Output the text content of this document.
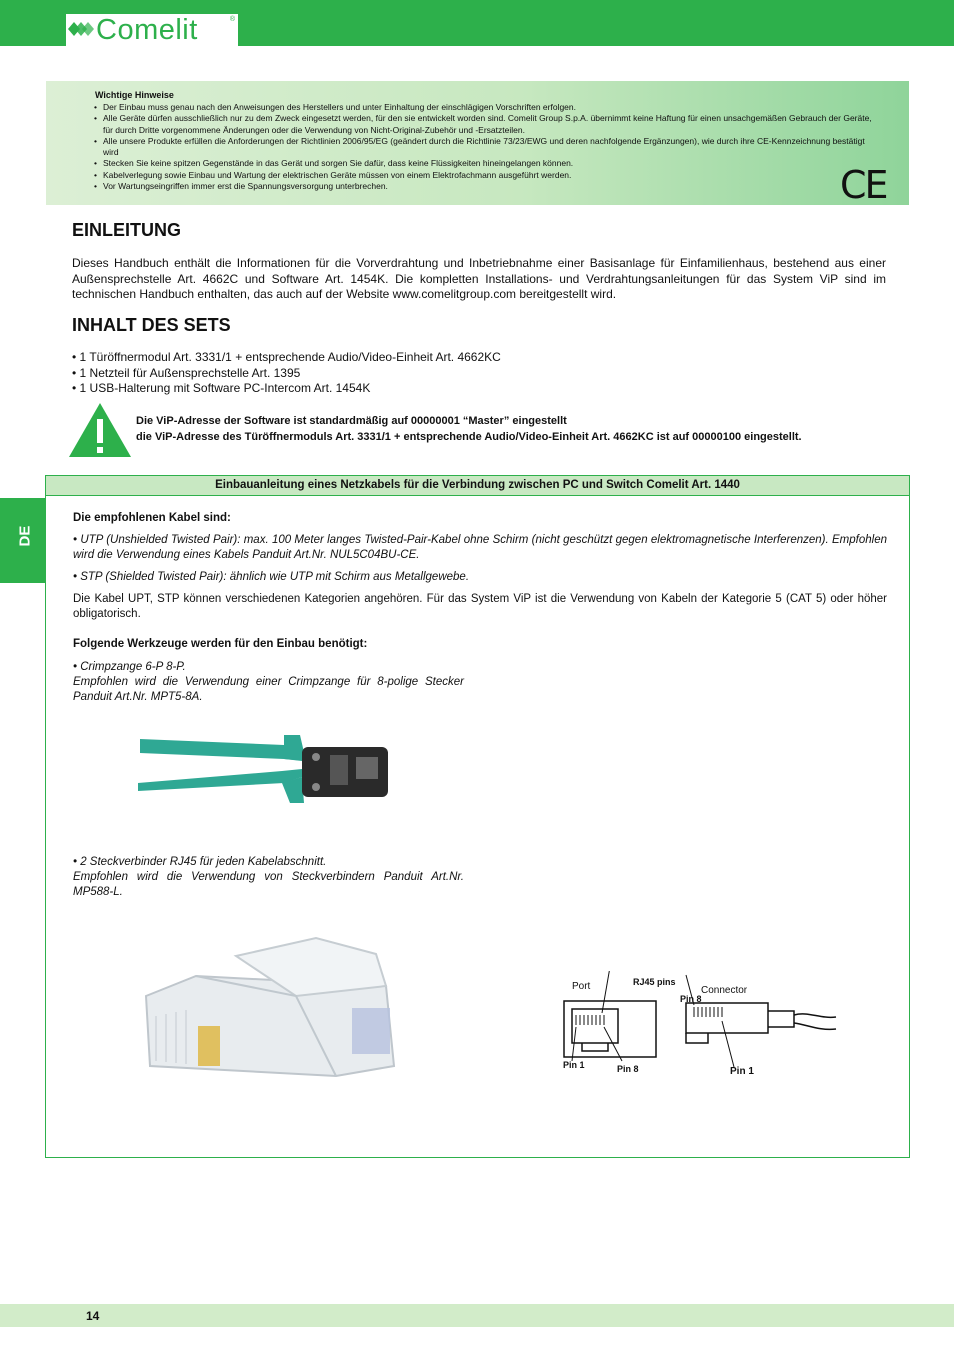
Comelit	®
Wichtige Hinweise
• Der Einbau muss genau nach den Anweisungen des Herstellers und unter Einhaltung der einschlägigen Vorschriften erfolgen.
• Alle Geräte dürfen ausschließlich nur zu dem Zweck eingesetzt werden, für den sie entwickelt worden sind. Comelit Group S.p.A. übernimmt keine Haftung für einen unsachgemäßen Gebrauch der Geräte, für durch Dritte vorgenommene Änderungen oder die Verwendung von Nicht-Original-Zubehör und -Ersatzteilen.
• Alle unsere Produkte erfüllen die Anforderungen der Richtlinien 2006/95/EG (geändert durch die Richtlinie 73/23/EWG und deren nachfolgende Ergänzungen), wie durch ihre CE-Kennzeichnung bestätigt wird
• Stecken Sie keine spitzen Gegenstände in das Gerät und sorgen Sie dafür, dass keine Flüssigkeiten hineingelangen können.
• Kabelverlegung sowie Einbau und Wartung der elektrischen Geräte müssen von einem Elektrofachmann ausgeführt werden.
• Vor Wartungseingriffen immer erst die Spannungsversorgung unterbrechen.	CE
EINLEITUNG

Dieses Handbuch enthält die Informationen für die Vorverdrahtung und Inbetriebnahme einer Basisanlage für Einfamilienhaus, bestehend aus einer Außensprechstelle Art. 4662C und Software Art. 1454K. Die kompletten Installations- und Verdrahtungsanleitungen für das System ViP sind im technischen Handbuch enthalten, das auch auf der Website www.comelitgroup.com bereitgestellt wird.

INHALT DES SETS
• 1 Türöffnermodul Art. 3331/1 + entsprechende Audio/Video-Einheit Art. 4662KC
• 1 Netzteil für Außensprechstelle Art. 1395
• 1 USB-Halterung mit Software PC-Intercom Art. 1454K
Die ViP-Adresse der Software ist standardmäßig auf 00000001 “Master” eingestellt
die ViP-Adresse des Türöffnermoduls Art. 3331/1 + entsprechende Audio/Video-Einheit Art. 4662KC ist auf 00000100 eingestellt.
DE
Einbauanleitung eines Netzkabels für die Verbindung zwischen PC und Switch Comelit Art. 1440
Die empfohlenen Kabel sind:
• UTP (Unshielded Twisted Pair): max. 100 Meter langes Twisted-Pair-Kabel ohne Schirm (nicht geschützt gegen elektromagnetische Interferenzen). Empfohlen wird die Verwendung eines Kabels Panduit Art.Nr. NUL5C04BU-CE.
• STP (Shielded Twisted Pair): ähnlich wie UTP mit Schirm aus Metallgewebe.
Die Kabel UPT, STP können verschiedenen Kategorien angehören. Für das System ViP ist die Verwendung von Kabeln der Kategorie 5 (CAT 5) oder höher obligatorisch.
Folgende Werkzeuge werden für den Einbau benötigt:
• Crimpzange 6-P 8-P.
Empfohlen wird die Verwendung einer Crimpzange für 8-polige Stecker Panduit Art.Nr. MPT5-8A.
• 2 Steckverbinder RJ45 für jeden Kabelabschnitt.
Empfohlen wird die Verwendung von Steckverbindern Panduit Art.Nr. MP588-L.
Port	RJ45 pins
Connector
Pin 8
Pin 1	Pin 8	Pin 1
14
